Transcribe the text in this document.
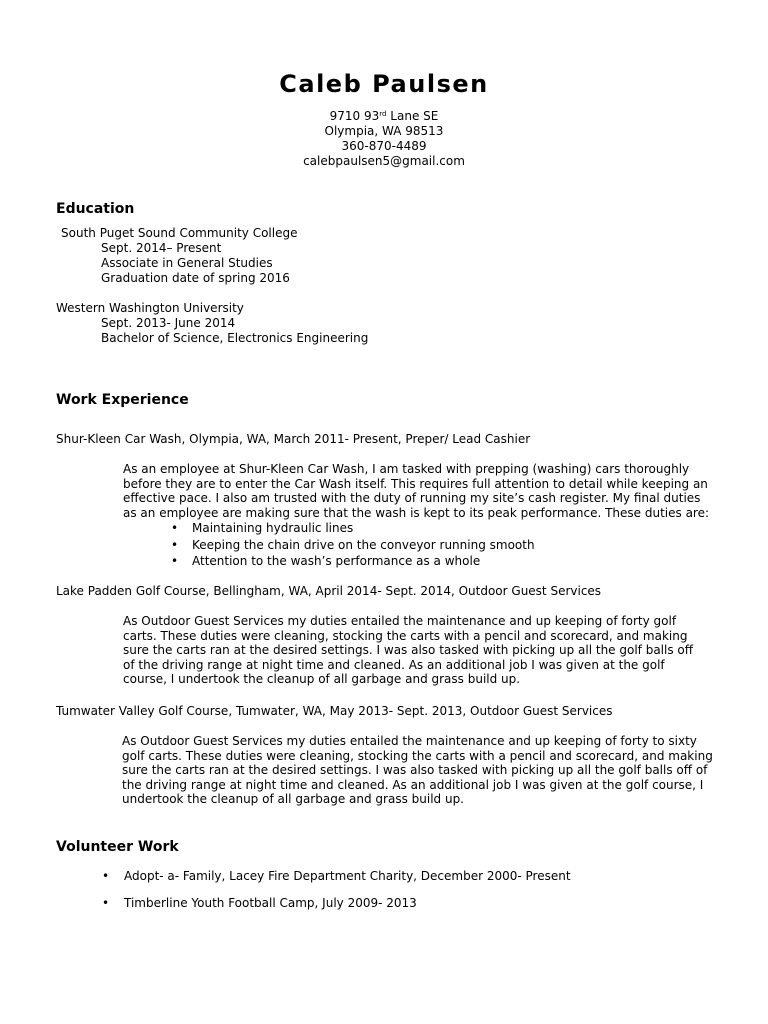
Caleb Paulsen
9710 93rd Lane SE
Olympia, WA 98513
360-870-4489
calebpaulsen5@gmail.com
Education
South Puget Sound Community College
Sept. 2014– Present
Associate in General Studies
Graduation date of spring 2016
Western Washington University
Sept. 2013- June 2014
Bachelor of Science, Electronics Engineering
Work Experience
Shur-Kleen Car Wash, Olympia, WA, March 2011- Present, Preper/ Lead Cashier
As an employee at Shur-Kleen Car Wash, I am tasked with prepping (washing) cars thoroughly
before they are to enter the Car Wash itself. This requires full attention to detail while keeping an
effective pace. I also am trusted with the duty of running my site’s cash register. My final duties
as an employee are making sure that the wash is kept to its peak performance. These duties are:
• Maintaining hydraulic lines
• Keeping the chain drive on the conveyor running smooth
• Attention to the wash’s performance as a whole
Lake Padden Golf Course, Bellingham, WA, April 2014- Sept. 2014, Outdoor Guest Services
As Outdoor Guest Services my duties entailed the maintenance and up keeping of forty golf
carts. These duties were cleaning, stocking the carts with a pencil and scorecard, and making
sure the carts ran at the desired settings. I was also tasked with picking up all the golf balls off
of the driving range at night time and cleaned. As an additional job I was given at the golf
course, I undertook the cleanup of all garbage and grass build up.
Tumwater Valley Golf Course, Tumwater, WA, May 2013- Sept. 2013, Outdoor Guest Services
As Outdoor Guest Services my duties entailed the maintenance and up keeping of forty to sixty
golf carts. These duties were cleaning, stocking the carts with a pencil and scorecard, and making
sure the carts ran at the desired settings. I was also tasked with picking up all the golf balls off of
the driving range at night time and cleaned. As an additional job I was given at the golf course, I
undertook the cleanup of all garbage and grass build up.
Volunteer Work
• Adopt- a- Family, Lacey Fire Department Charity, December 2000- Present
• Timberline Youth Football Camp, July 2009- 2013
